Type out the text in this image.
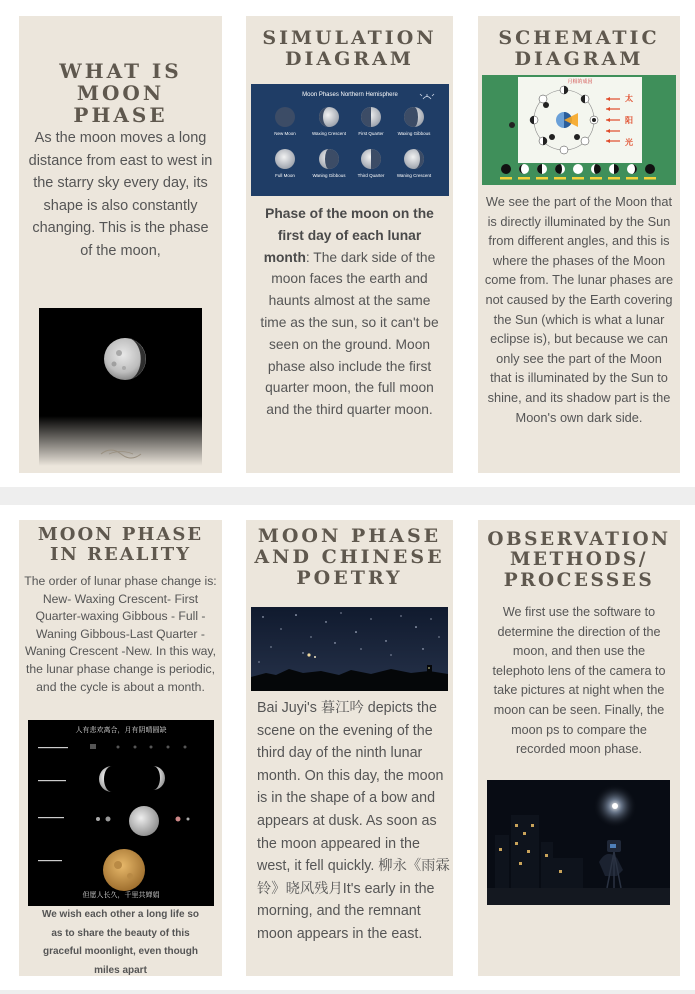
WHAT IS MOON PHASE
As the moon moves a long distance from east to west in the starry sky every day, its shape is also constantly changing. This is the phase of the moon,
SIMULATION DIAGRAM
Moon Phases Northern Hemisphere
New Moon	Waxing Crescent	First Quarter	Waxing Gibbous
Full Moon	Waning Gibbous	Third Quarter	Waning Crescent
Phase of the moon on the first day of each lunar month: The dark side of the moon faces the earth and haunts almost at the same time as the sun, so it can't be seen on the ground. Moon phase also include the first quarter moon, the full moon and the third quarter moon.
SCHEMATIC DIAGRAM
月相的成因
太
阳
光
We see the part of the Moon that is directly illuminated by the Sun from different angles, and this is where the phases of the Moon come from. The lunar phases are not caused by the Earth covering the Sun (which is what a lunar eclipse is), but because we can only see the part of the Moon that is illuminated by the Sun to shine, and its shadow part is the Moon's own dark side.
MOON PHASE IN REALITY
The order of lunar phase change is: New- Waxing Crescent- First Quarter-waxing Gibbous - Full - Waning Gibbous-Last Quarter -Waning Crescent -New. In this way, the lunar phase change is periodic, and the cycle is about a month.
人有悲欢离合，月有阴晴圆缺
但愿人长久，千里共婵娟
We wish each other a long life so as to share the beauty of this graceful moonlight, even though miles apart
MOON PHASE AND CHINESE POETRY
Bai Juyi's 暮江吟 depicts the scene on the evening of the third day of the ninth lunar month. On this day, the moon is in the shape of a bow and appears at dusk. As soon as the moon appeared in the west, it fell quickly. 柳永《雨霖铃》晓风残月It's early in the morning, and the remnant moon appears in the east.
OBSERVATION METHODS/ PROCESSES
We first use the software to determine the direction of the moon, and then use the telephoto lens of the camera to take pictures at night when the moon can be seen. Finally, the moon ps to compare the recorded moon phase.
